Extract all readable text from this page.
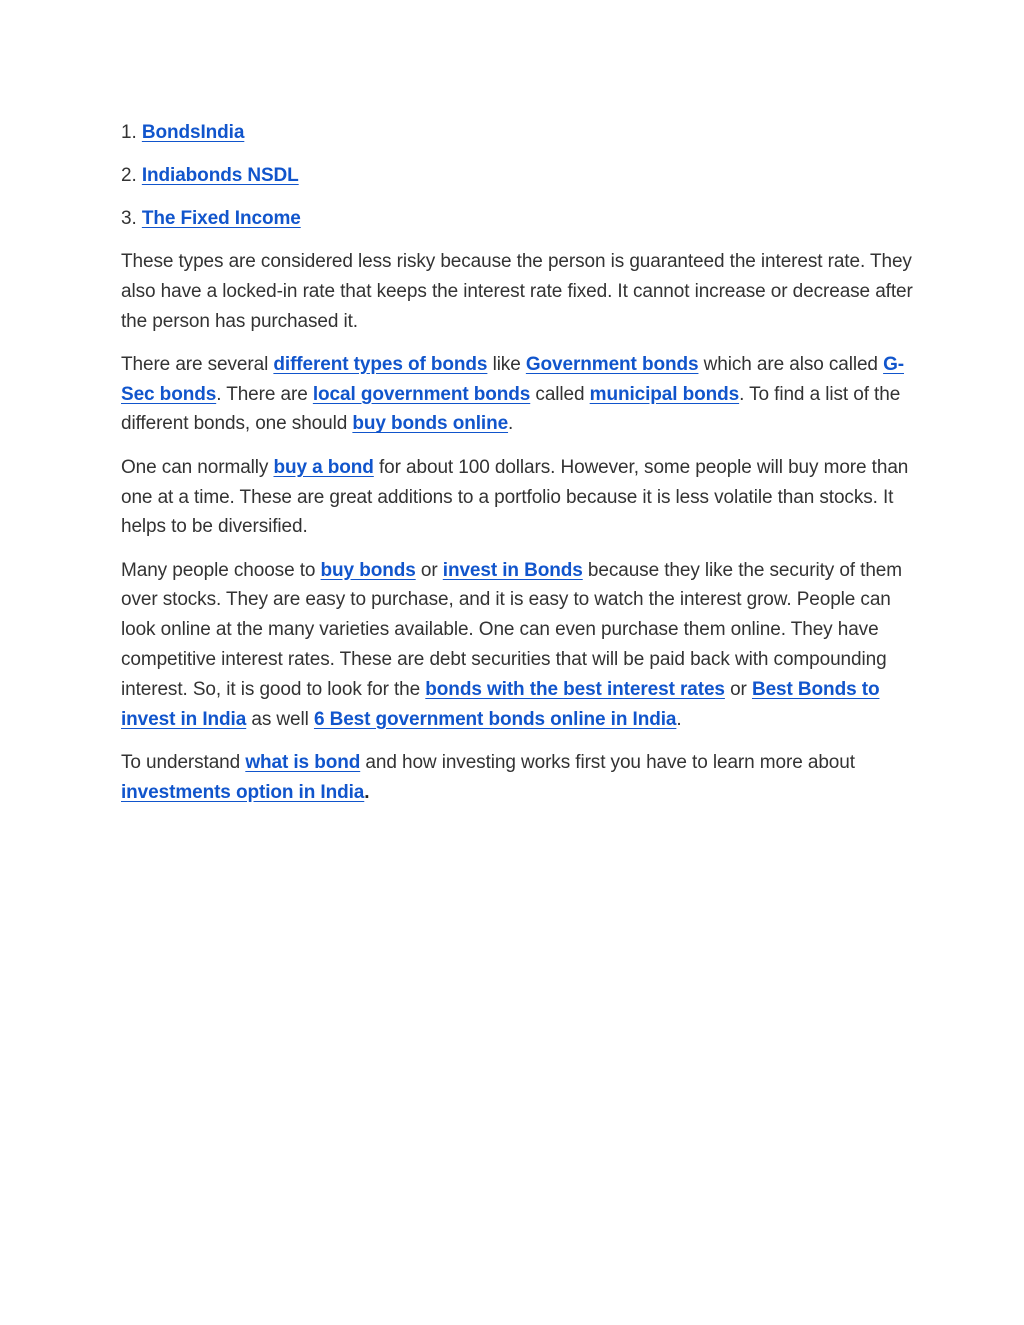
1. BondsIndia
2. Indiabonds NSDL
3. The Fixed Income

These types are considered less risky because the person is guaranteed the interest rate. They also have a locked-in rate that keeps the interest rate fixed. It cannot increase or decrease after the person has purchased it.

There are several different types of bonds like Government bonds which are also called G-Sec bonds. There are local government bonds called municipal bonds. To find a list of the different bonds, one should buy bonds online.

One can normally buy a bond for about 100 dollars. However, some people will buy more than one at a time. These are great additions to a portfolio because it is less volatile than stocks. It helps to be diversified.

Many people choose to buy bonds or invest in Bonds because they like the security of them over stocks. They are easy to purchase, and it is easy to watch the interest grow. People can look online at the many varieties available. One can even purchase them online. They have competitive interest rates. These are debt securities that will be paid back with compounding interest. So, it is good to look for the bonds with the best interest rates or Best Bonds to invest in India as well 6 Best government bonds online in India.

To understand what is bond and how investing works first you have to learn more about investments option in India.
